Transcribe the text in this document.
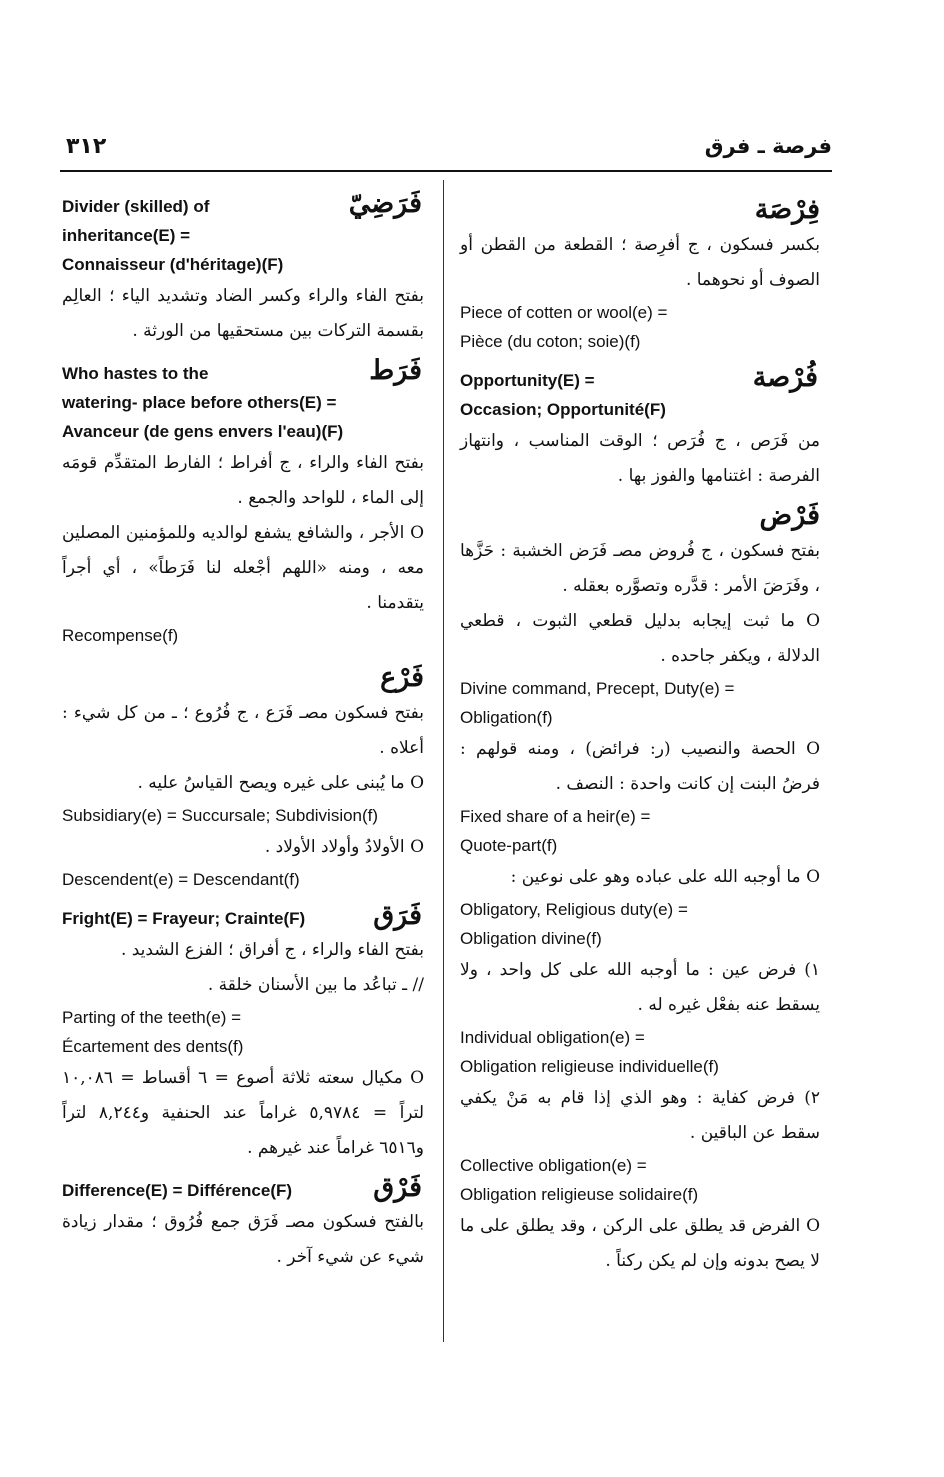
٣١٢	فرصة ـ فرق
فِرْصَة
بكسر فسكون ، ج أفرِصة ؛ القطعة من القطن أو الصوف أو نحوهما .
Piece of cotten or wool(e) =
Pièce (du coton; soie)(f)
فُرْصة
Opportunity(E) =
Occasion; Opportunité(F)
من فَرَص ، ج فُرَص ؛ الوقت المناسب ، وانتهاز الفرصة : اغتنامها والفوز بها .
فَرْض
بفتح فسكون ، ج فُروض مصـ فَرَض الخشبة : حَزَّها ، وفَرَضَ الأمر : قدَّره وتصوَّره بعقله .
O ما ثبت إيجابه بدليل قطعي الثبوت ، قطعي الدلالة ، ويكفر جاحده .
Divine command, Precept, Duty(e) =
Obligation(f)
O الحصة والنصيب (ر: فرائض) ، ومنه قولهم : فرضُ البنت إن كانت واحدة : النصف .
Fixed share of a heir(e) =
Quote-part(f)
O ما أوجبه الله على عباده وهو على نوعين :
Obligatory, Religious duty(e) =
Obligation divine(f)
١) فرض عين : ما أوجبه الله على كل واحد ، ولا يسقط عنه بفعْل غيره له .
Individual obligation(e) =
Obligation religieuse individuelle(f)
٢) فرض كفاية : وهو الذي إذا قام به مَنْ يكفي سقط عن الباقين .
Collective obligation(e) =
Obligation religieuse solidaire(f)
O الفرض قد يطلق على الركن ، وقد يطلق على ما لا يصح بدونه وإن لم يكن ركناً .
فَرَضِيّ
Divider (skilled) of
inheritance(E) =
Connaisseur (d'héritage)(F)
بفتح الفاء والراء وكسر الضاد وتشديد الياء ؛ العالِم بقسمة التركات بين مستحقيها من الورثة .
فَرَط
Who hastes to the
watering- place before others(E) =
Avanceur (de gens envers l'eau)(F)
بفتح الفاء والراء ، ج أفراط ؛ الفارط المتقدِّم قومَه إلى الماء ، للواحد والجمع .
O الأجر ، والشافع يشفع لوالديه وللمؤمنين المصلين معه ، ومنه «اللهم أجْعله لنا فَرَطاً» ، أي أجراً يتقدمنا .
Recompense(f)
فَرْع
بفتح فسكون مصـ فَرَع ، ج فُرُوع ؛ ـ من كل شيء : أعلاه .
O ما يُبنى على غيره ويصح القياسُ عليه .
Subsidiary(e) = Succursale; Subdivision(f)
O الأولادُ وأولاد الأولاد .
Descendent(e) = Descendant(f)
فَرَق
Fright(E) = Frayeur; Crainte(F)
بفتح الفاء والراء ، ج أفراق ؛ الفزع الشديد .
// ـ تباعُد ما بين الأسنان خلقة .
Parting of the teeth(e) =
Écartement des dents(f)
O مكيال سعته ثلاثة أصوع = ٦ أقساط = ١٠,٠٨٦ لتراً = ٥,٩٧٨٤ غراماً عند الحنفية و٨,٢٤٤ لتراً و٦٥١٦ غراماً عند غيرهم .
فَرْق
Difference(E) = Différence(F)
بالفتح فسكون مصـ فَرَق جمع فُرُوق ؛ مقدار زيادة شيء عن شيء آخر .
